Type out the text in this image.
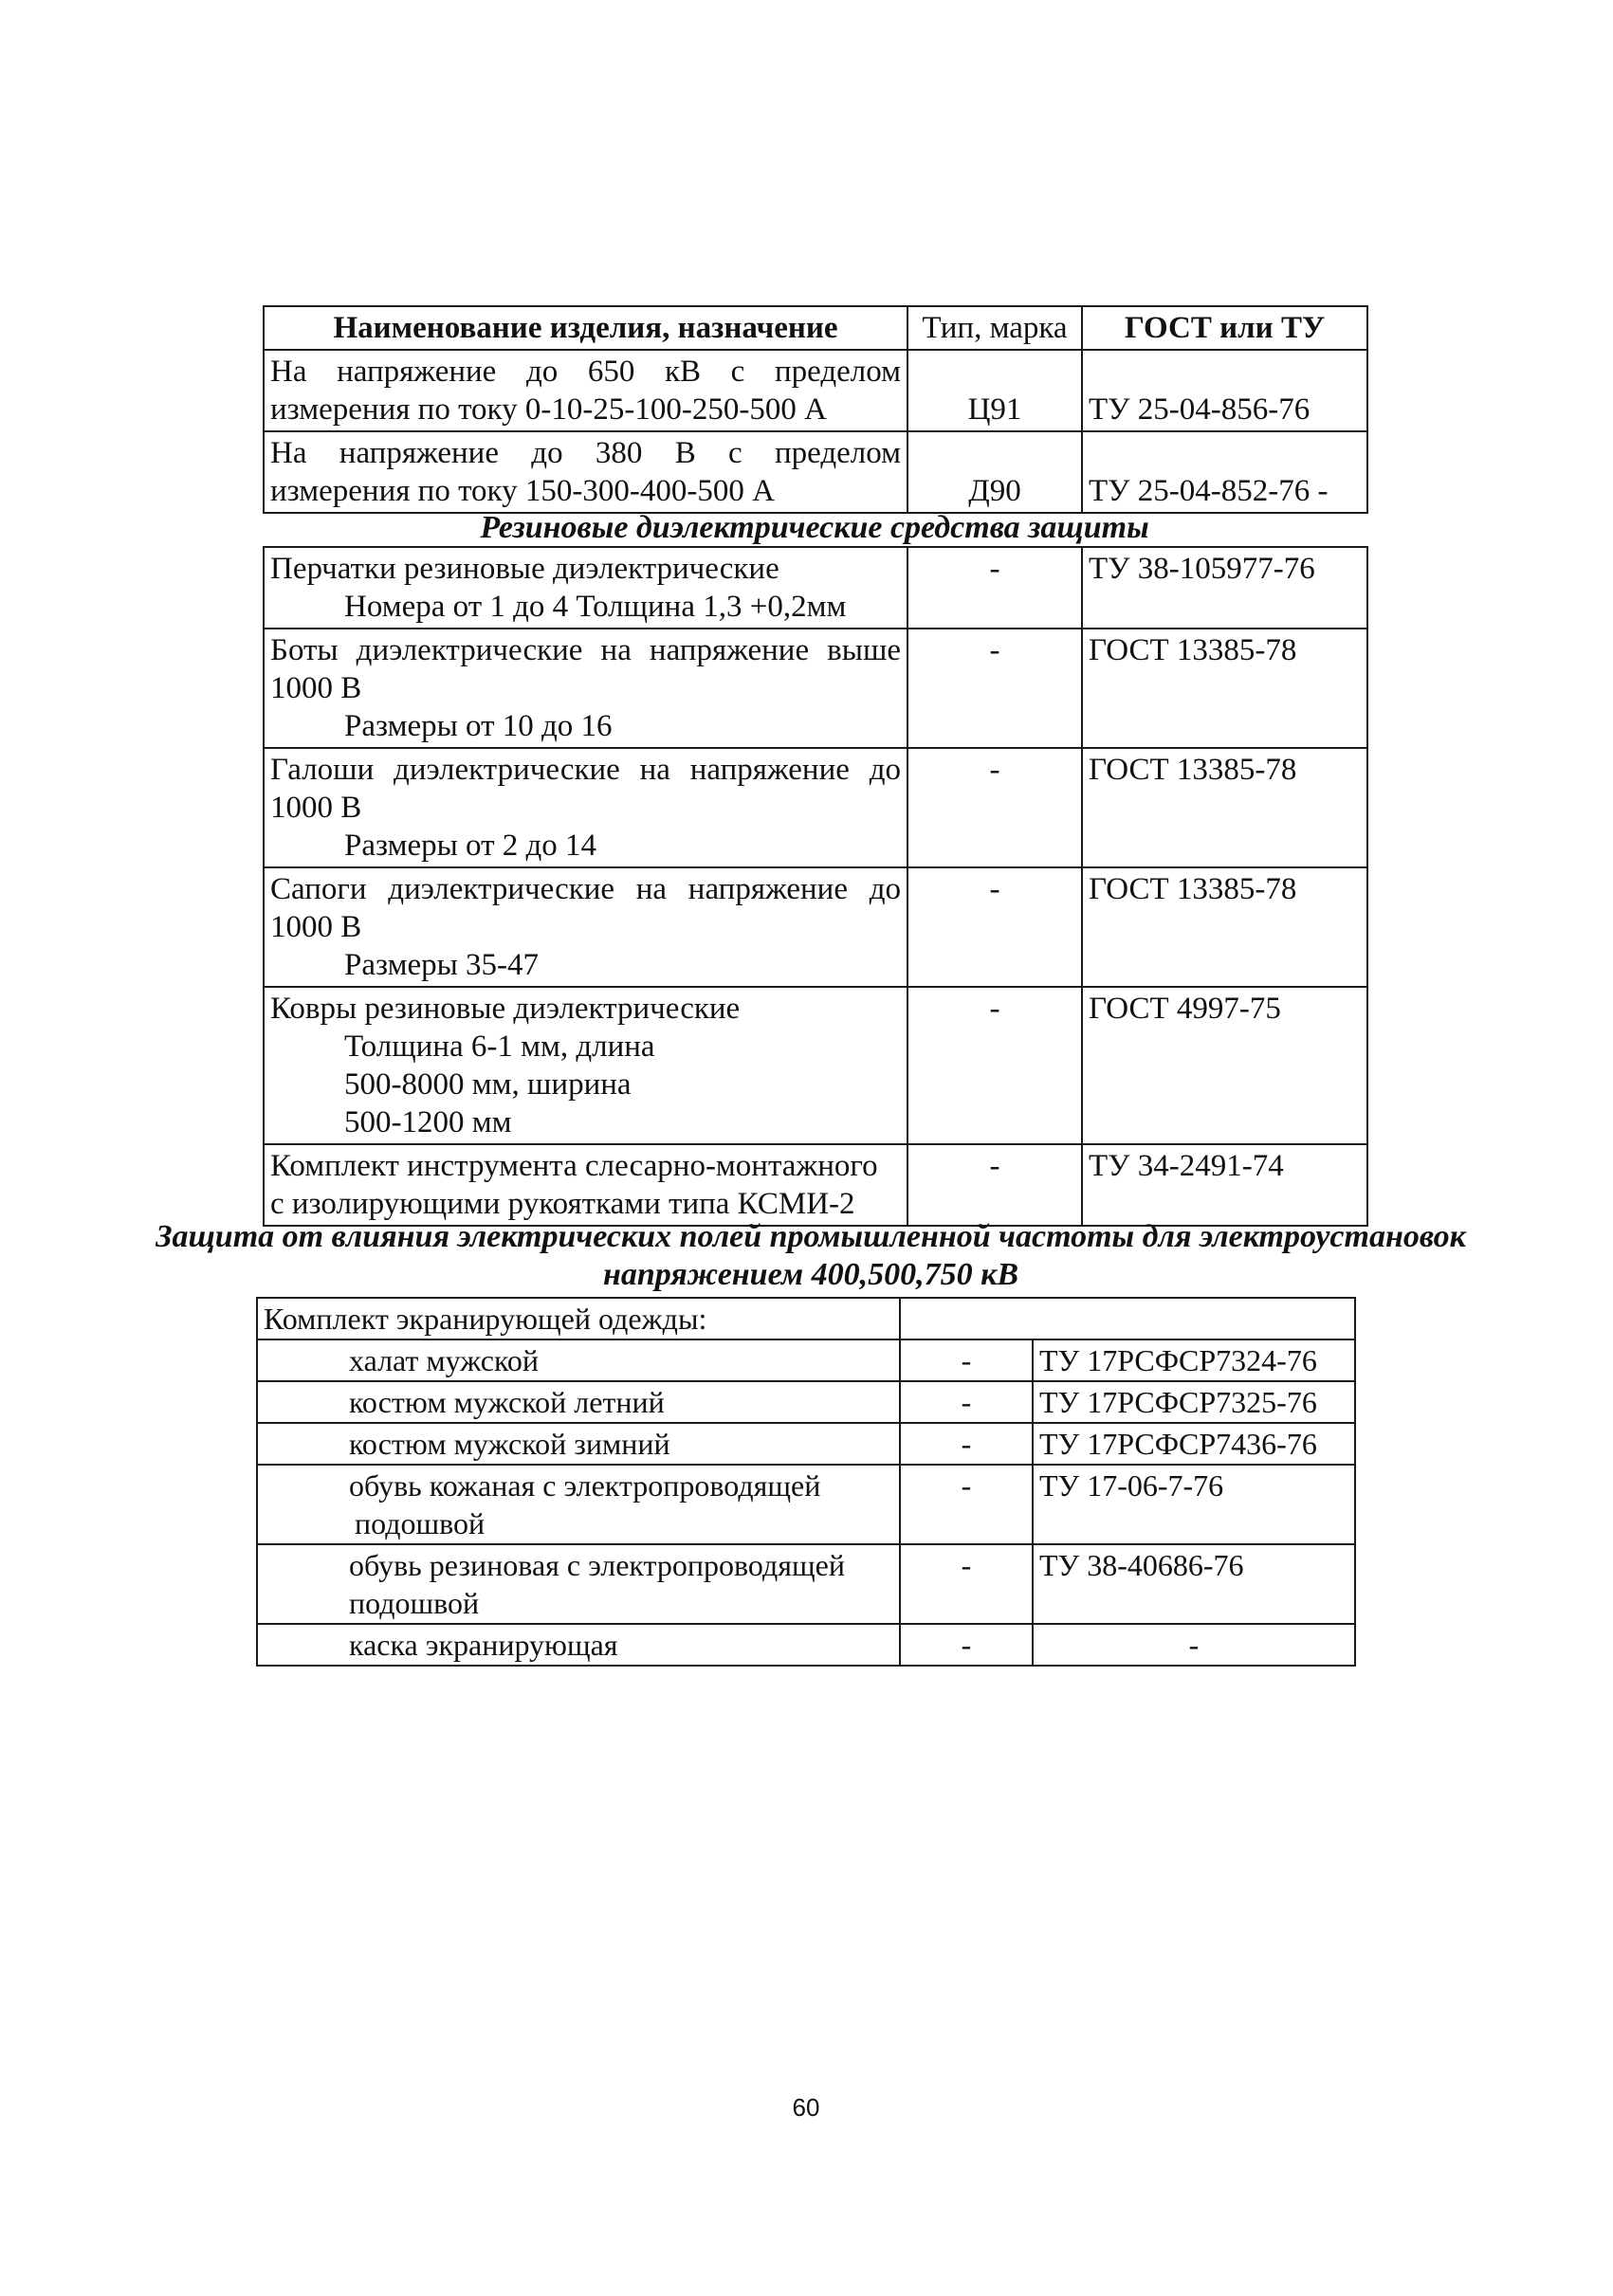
Наименование изделия, назначение	Тип, марка	ГОСТ или ТУ

На напряжение до 650 кВ с пределом
измерения по току 0-10-25-100-250-500 А	Ц91	ТУ 25-04-856-76

На напряжение до 380 В с пределом
измерения по току 150-300-400-500 А	Д90	ТУ 25-04-852-76 -
Резиновые диэлектрические средства защиты
Перчатки резиновые диэлектрические
Номера от 1 до 4 Толщина 1,3 +0,2мм	-	ТУ 38-105977-76

Боты диэлектрические на напряжение выше
1000 В
Размеры от 10 до 16	-	ГОСТ 13385-78

Галоши диэлектрические на напряжение до
1000 В
Размеры от 2 до 14	-	ГОСТ 13385-78

Сапоги диэлектрические на напряжение до
1000 В
Размеры 35-47	-	ГОСТ 13385-78

Ковры резиновые диэлектрические
Толщина 6-1 мм, длина
500-8000 мм, ширина
500-1200 мм	-	ГОСТ 4997-75

Комплект инструмента слесарно-монтажного
с изолирующими рукоятками типа КСМИ-2	-	ТУ 34-2491-74
Защита от влияния электрических полей промышленной частоты для электроустановок
напряжением 400,500,750 кВ
Комплект экранирующей одежды:		
халат мужской	-	ТУ 17РСФСР7324-76
костюм мужской летний	-	ТУ 17РСФСР7325-76
костюм мужской зимний	-	ТУ 17РСФСР7436-76

обувь кожаная с электропроводящей
подошвой	-	ТУ 17-06-7-76

обувь резиновая с электропроводящей
подошвой	-	ТУ 38-40686-76
каска экранирующая	-	-
60
